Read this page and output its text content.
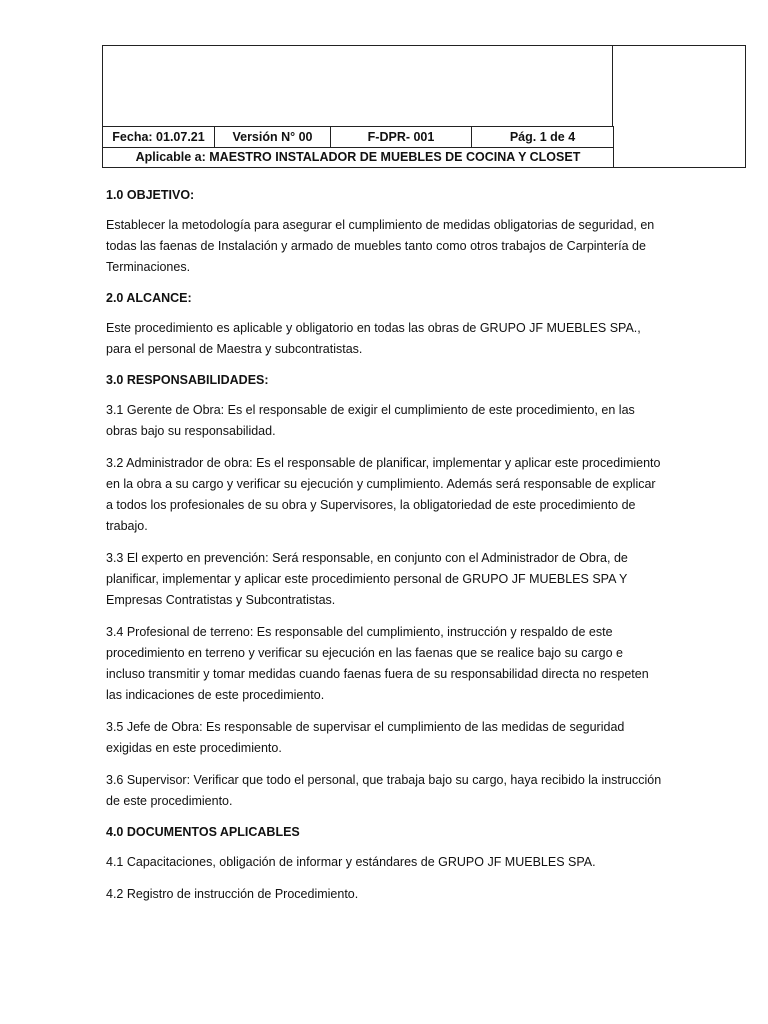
Fecha: 01.07.21	Versión N° 00	F-DPR- 001	Pág. 1 de 4
Aplicable a: MAESTRO INSTALADOR DE MUEBLES DE COCINA Y CLOSET
1.0 OBJETIVO:

Establecer la metodología para asegurar el cumplimiento de medidas obligatorias de seguridad, en todas las faenas de Instalación y armado de muebles tanto como otros trabajos de Carpintería de Terminaciones.

2.0 ALCANCE:

Este procedimiento es aplicable y obligatorio en todas las obras de GRUPO JF MUEBLES SPA., para el personal de Maestra y subcontratistas.

3.0 RESPONSABILIDADES:

3.1 Gerente de Obra: Es el responsable de exigir el cumplimiento de este procedimiento, en las obras bajo su responsabilidad.

3.2 Administrador de obra: Es el responsable de planificar, implementar y aplicar este procedimiento en la obra a su cargo y verificar su ejecución y cumplimiento. Además será responsable de explicar a todos los profesionales de su obra y Supervisores, la obligatoriedad de este procedimiento de trabajo.

3.3 El experto en prevención: Será responsable, en conjunto con el Administrador de Obra, de planificar, implementar y aplicar este procedimiento personal de GRUPO JF MUEBLES SPA Y Empresas Contratistas y Subcontratistas.

3.4 Profesional de terreno: Es responsable del cumplimiento, instrucción y respaldo de este procedimiento en terreno y verificar su ejecución en las faenas que se realice bajo su cargo e incluso transmitir y tomar medidas cuando faenas fuera de su responsabilidad directa no respeten las indicaciones de este procedimiento.

3.5 Jefe de Obra: Es responsable de supervisar el cumplimiento de las medidas de seguridad exigidas en este procedimiento.

3.6 Supervisor: Verificar que todo el personal, que trabaja bajo su cargo, haya recibido la instrucción de este procedimiento.

4.0 DOCUMENTOS APLICABLES

4.1 Capacitaciones, obligación de informar y estándares de GRUPO JF MUEBLES SPA.

4.2 Registro de instrucción de Procedimiento.
